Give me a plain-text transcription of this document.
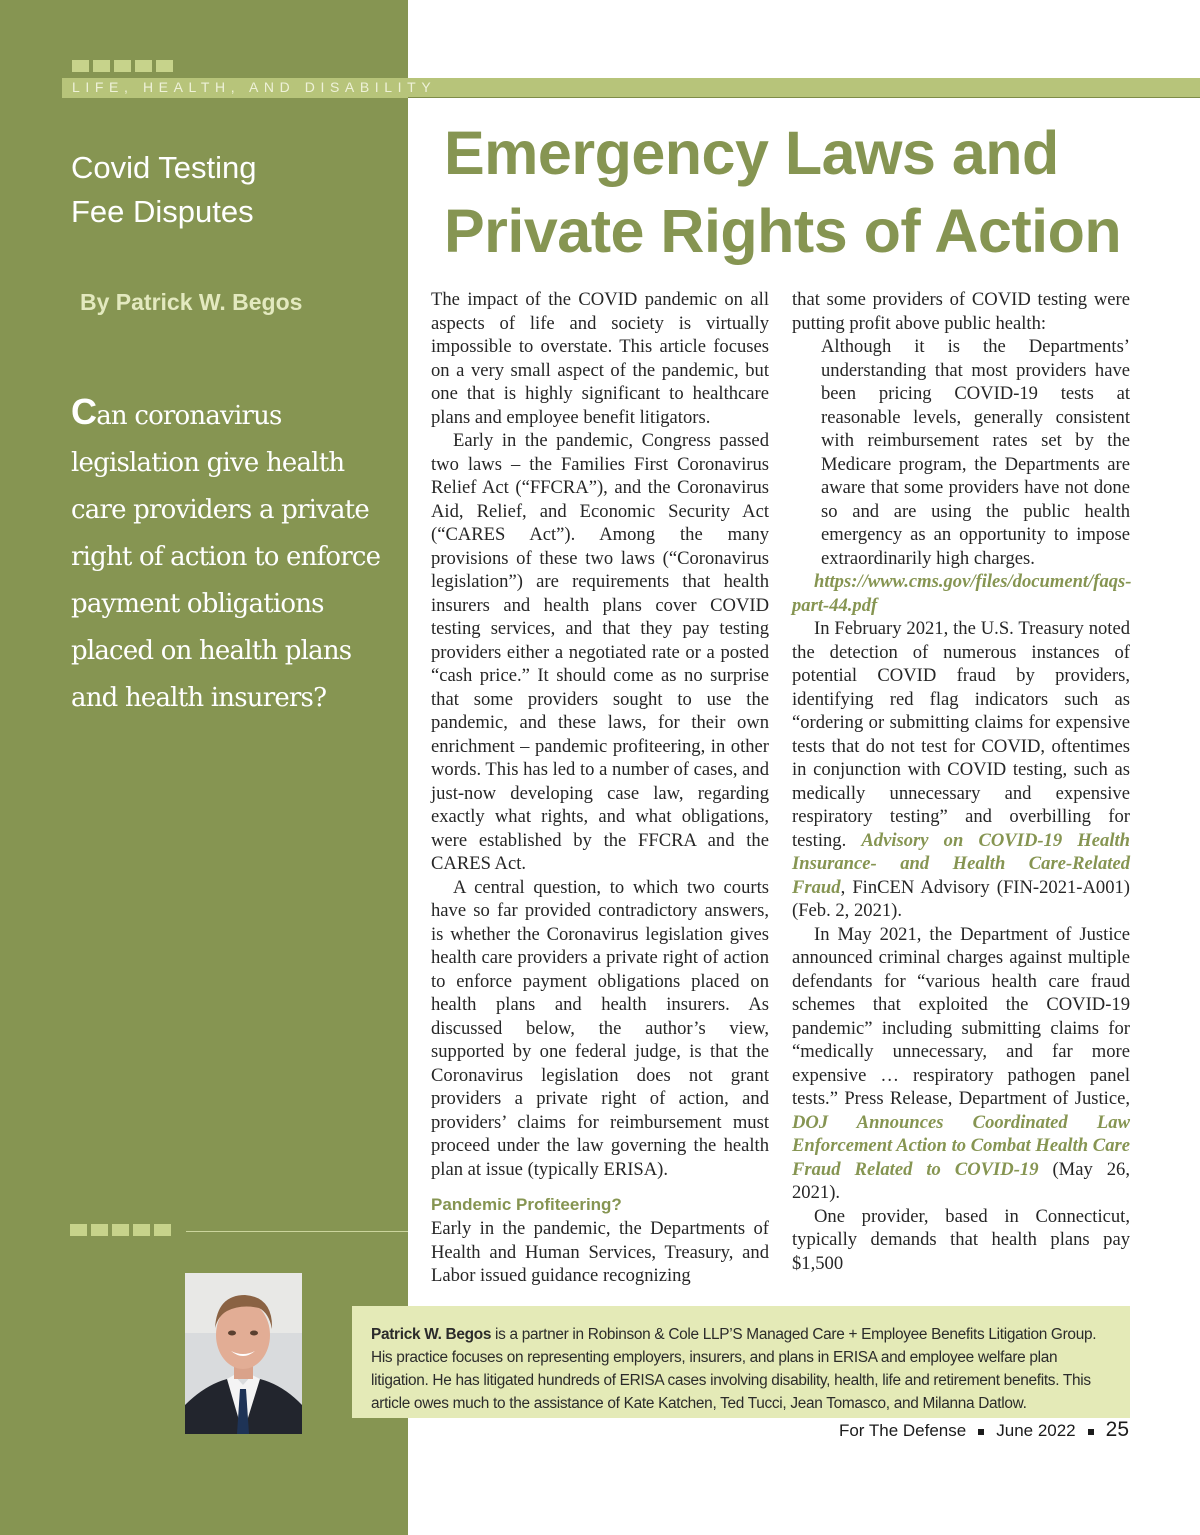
LIFE, HEALTH, AND DISABILITY
Covid Testing
Fee Disputes
By Patrick W. Begos
Can coronavirus legislation give health care providers a private right of action to enforce payment obligations placed on health plans and health insurers?
Emergency Laws and
Private Rights of Action

The impact of the COVID pandemic on all aspects of life and society is virtually impossible to overstate. This article focuses on a very small aspect of the pandemic, but one that is highly significant to healthcare plans and employee benefit litigators.

Early in the pandemic, Congress passed two laws – the Families First Coronavirus Relief Act (“FFCRA”), and the Coronavirus Aid, Relief, and Economic Security Act (“CARES Act”). Among the many provisions of these two laws (“Coronavirus legislation”) are requirements that health insurers and health plans cover COVID testing services, and that they pay testing providers either a negotiated rate or a posted “cash price.” It should come as no surprise that some providers sought to use the pandemic, and these laws, for their own enrichment – pandemic profiteering, in other words. This has led to a number of cases, and just-now developing case law, regarding exactly what rights, and what obligations, were established by the FFCRA and the CARES Act.

A central question, to which two courts have so far provided contradictory answers, is whether the Coronavirus legislation gives health care providers a private right of action to enforce payment obligations placed on health plans and health insurers. As discussed below, the author’s view, supported by one federal judge, is that the Coronavirus legislation does not grant providers a private right of action, and providers’ claims for reimbursement must proceed under the law governing the health plan at issue (typically ERISA).

Pandemic Profiteering?

Early in the pandemic, the Departments of Health and Human Services, Treasury, and Labor issued guidance recognizing

that some providers of COVID testing were putting profit above public health:

Although it is the Departments’ understanding that most providers have been pricing COVID-19 tests at reasonable levels, generally consistent with reimbursement rates set by the Medicare program, the Departments are aware that some providers have not done so and are using the public health emergency as an opportunity to impose extraordinarily high charges.

https://www.cms.gov/files/document/faqs-part-44.pdf

In February 2021, the U.S. Treasury noted the detection of numerous instances of potential COVID fraud by providers, identifying red flag indicators such as “ordering or submitting claims for expensive tests that do not test for COVID, oftentimes in conjunction with COVID testing, such as medically unnecessary and expensive respiratory testing” and overbilling for testing. Advisory on COVID-19 Health Insurance- and Health Care-Related Fraud, FinCEN Advisory (FIN-2021-A001) (Feb. 2, 2021).

In May 2021, the Department of Justice announced criminal charges against multiple defendants for “various health care fraud schemes that exploited the COVID-19 pandemic” including submitting claims for “medically unnecessary, and far more expensive … respiratory pathogen panel tests.” Press Release, Department of Justice, DOJ Announces Coordinated Law Enforcement Action to Combat Health Care Fraud Related to COVID-19 (May 26, 2021).

One provider, based in Connecticut, typically demands that health plans pay $1,500

Patrick W. Begos is a partner in Robinson & Cole LLP’S Managed Care + Employee Benefits Litigation Group. His practice focuses on representing employers, insurers, and plans in ERISA and employee welfare plan litigation. He has litigated hundreds of ERISA cases involving disability, health, life and retirement benefits. This article owes much to the assistance of Kate Katchen, Ted Tucci, Jean Tomasco, and Milanna Datlow.
For The Defense June 2022 25
